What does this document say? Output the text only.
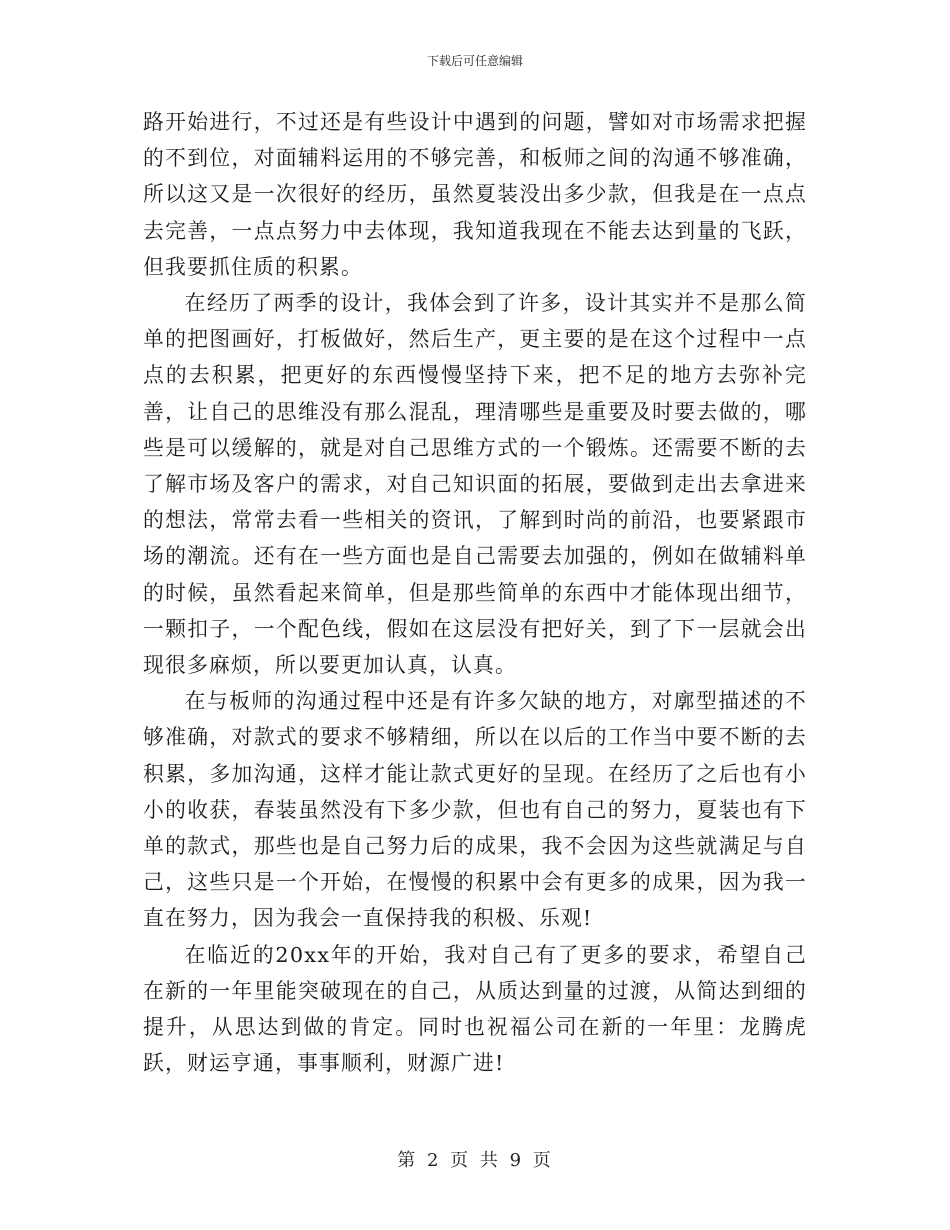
下载后可任意编辑

路开始进行，不过还是有些设计中遇到的问题，譬如对市场需求把握的不到位，对面辅料运用的不够完善，和板师之间的沟通不够准确，所以这又是一次很好的经历，虽然夏装没出多少款，但我是在一点点去完善，一点点努力中去体现，我知道我现在不能去达到量的飞跃，但我要抓住质的积累。

在经历了两季的设计，我体会到了许多，设计其实并不是那么简单的把图画好，打板做好，然后生产，更主要的是在这个过程中一点点的去积累，把更好的东西慢慢坚持下来，把不足的地方去弥补完善，让自己的思维没有那么混乱，理清哪些是重要及时要去做的，哪些是可以缓解的，就是对自己思维方式的一个锻炼。还需要不断的去了解市场及客户的需求，对自己知识面的拓展，要做到走出去拿进来的想法，常常去看一些相关的资讯，了解到时尚的前沿，也要紧跟市场的潮流。还有在一些方面也是自己需要去加强的，例如在做辅料单的时候，虽然看起来简单，但是那些简单的东西中才能体现出细节，一颗扣子，一个配色线，假如在这层没有把好关，到了下一层就会出现很多麻烦，所以要更加认真，认真。

在与板师的沟通过程中还是有许多欠缺的地方，对廓型描述的不够准确，对款式的要求不够精细，所以在以后的工作当中要不断的去积累，多加沟通，这样才能让款式更好的呈现。在经历了之后也有小小的收获，春装虽然没有下多少款，但也有自己的努力，夏装也有下单的款式，那些也是自己努力后的成果，我不会因为这些就满足与自己，这些只是一个开始，在慢慢的积累中会有更多的成果，因为我一直在努力，因为我会一直保持我的积极、乐观!

在临近的20xx年的开始，我对自己有了更多的要求，希望自己在新的一年里能突破现在的自己，从质达到量的过渡，从简达到细的提升，从思达到做的肯定。同时也祝福公司在新的一年里：龙腾虎跃，财运亨通，事事顺利，财源广进!

第 2 页 共 9 页
